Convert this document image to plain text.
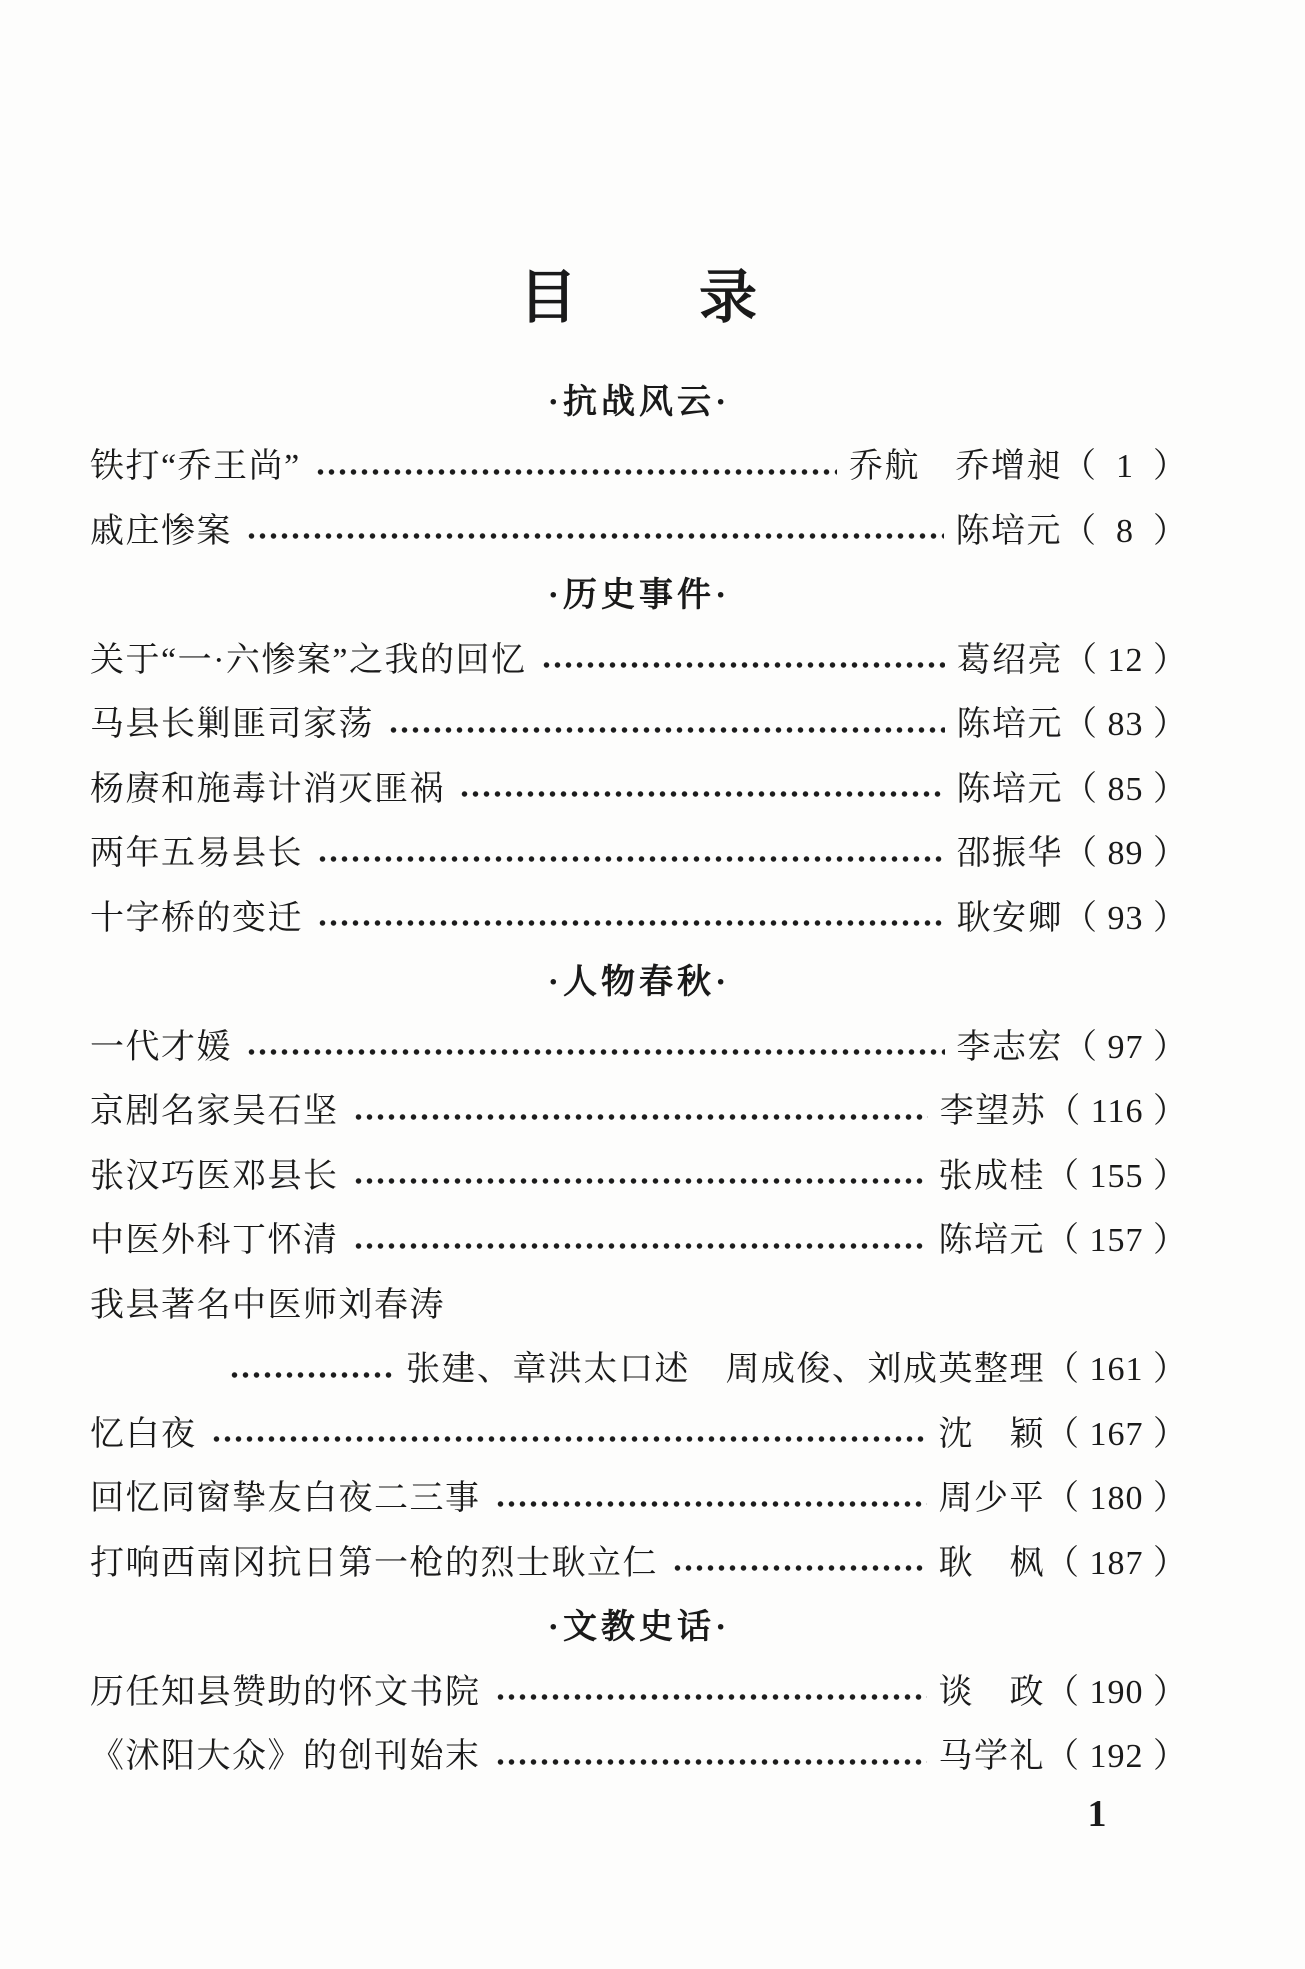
目　　录
·抗战风云·
铁打“乔王尚”	乔航　乔增昶 （  1  ）
戚庄惨案	陈培元 （  8  ）
·历史事件·
关于“一·六惨案”之我的回忆	葛绍亮 （ 12 ）
马县长剿匪司家荡	陈培元 （ 83 ）
杨赓和施毒计消灭匪祸	陈培元 （ 85 ）
两年五易县长	邵振华 （ 89 ）
十字桥的变迁	耿安卿 （ 93 ）
·人物春秋·
一代才媛	李志宏 （ 97 ）
京剧名家吴石坚	李望苏 （ 116 ）
张汉巧医邓县长	张成桂 （ 155 ）
中医外科丁怀清	陈培元 （ 157 ）
我县著名中医师刘春涛
张建、章洪太口述　周成俊、刘成英整理 （ 161 ）
忆白夜	沈　颖 （ 167 ）
回忆同窗挚友白夜二三事	周少平 （ 180 ）
打响西南冈抗日第一枪的烈士耿立仁	耿　枫 （ 187 ）
·文教史话·
历任知县赞助的怀文书院	谈　政 （ 190 ）
《沭阳大众》的创刊始末	马学礼 （ 192 ）
1
